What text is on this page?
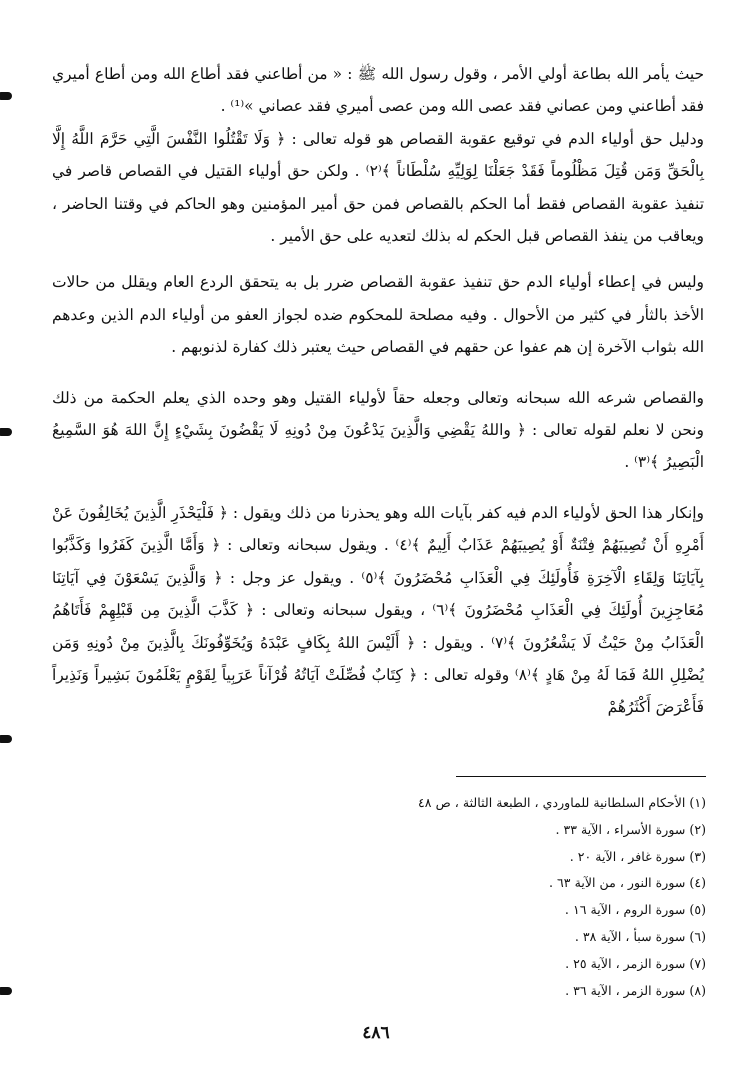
حيث يأمر الله بطاعة أولي الأمر ، وقول رسول الله ﷺ : « من أطاعني فقد أطاع الله ومن أطاع أميري فقد أطاعني ومن عصاني فقد عصى الله ومن عصى أميري فقد عصاني »⁽¹⁾ .

ودليل حق أولياء الدم في توقيع عقوبة القصاص هو قوله تعالى : ﴿ وَلَا تَقْتُلُوا النَّفْسَ الَّتِي حَرَّمَ اللَّهُ إِلَّا بِالْحَقِّ وَمَن قُتِلَ مَظْلُوماً فَقَدْ جَعَلْنَا لِوَلِيِّهِ سُلْطَاناً ﴾⁽٢⁾ . ولكن حق أولياء القتيل في القصاص قاصر في تنفيذ عقوبة القصاص فقط أما الحكم بالقصاص فمن حق أمير المؤمنين وهو الحاكم في وقتنا الحاضر ، ويعاقب من ينفذ القصاص قبل الحكم له بذلك لتعديه على حق الأمير .

وليس في إعطاء أولياء الدم حق تنفيذ عقوبة القصاص ضرر بل به يتحقق الردع العام ويقلل من حالات الأخذ بالثأر في كثير من الأحوال . وفيه مصلحة للمحكوم ضده لجواز العفو من أولياء الدم الذين وعدهم الله بثواب الآخرة إن هم عفوا عن حقهم في القصاص حيث يعتبر ذلك كفارة لذنوبهم .

والقصاص شرعه الله سبحانه وتعالى وجعله حقاً لأولياء القتيل وهو وحده الذي يعلم الحكمة من ذلك ونحن لا نعلم لقوله تعالى : ﴿ واللهُ يَقْضِي وَالَّذِينَ يَدْعُونَ مِنْ دُونِهِ لَا يَقْضُونَ بِشَيْءٍ إِنَّ اللهَ هُوَ السَّمِيعُ الْبَصِيرُ ﴾⁽٣⁾ .

وإنكار هذا الحق لأولياء الدم فيه كفر بآيات الله وهو يحذرنا من ذلك ويقول : ﴿ فَلْيَحْذَرِ الَّذِينَ يُخَالِفُونَ عَنْ أَمْرِهِ أَنْ تُصِيبَهُمْ فِتْنَةٌ أَوْ يُصِيبَهُمْ عَذَابٌ أَلِيمٌ ﴾⁽٤⁾ . ويقول سبحانه وتعالى : ﴿ وَأَمَّا الَّذِينَ كَفَرُوا وَكَذَّبُوا بِآيَاتِنَا وَلِقَاءِ الْآخِرَةِ فَأُولَئِكَ فِي الْعَذَابِ مُحْضَرُونَ ﴾⁽٥⁾ . ويقول عز وجل : ﴿ وَالَّذِينَ يَسْعَوْنَ فِي آيَاتِنَا مُعَاجِزِينَ أُولَئِكَ فِي الْعَذَابِ مُحْضَرُونَ ﴾⁽٦⁾ ، ويقول سبحانه وتعالى : ﴿ كَذَّبَ الَّذِينَ مِن قَبْلِهِمْ فَأَتَاهُمُ الْعَذَابُ مِنْ حَيْثُ لَا يَشْعُرُونَ ﴾⁽٧⁾ . ويقول : ﴿ أَلَيْسَ اللهُ بِكَافٍ عَبْدَهُ وَيُخَوِّفُونَكَ بِالَّذِينَ مِنْ دُونِهِ وَمَن يُضْلِلِ اللهُ فَمَا لَهُ مِنْ هَادٍ ﴾⁽٨⁾ وقوله تعالى : ﴿ كِتَابٌ فُصِّلَتْ آيَاتُهُ قُرْآناً عَرَبِياً لِقَوْمٍ يَعْلَمُونَ بَشِيراً وَنَذِيراً فَأَعْرَضَ أَكْثَرُهُمْ

(١) الأحكام السلطانية للماوردي ، الطبعة الثالثة ، ص ٤٨

(٢) سورة الأسراء ، الآية ٣٣ .

(٣) سورة غافر ، الآية ٢٠ .

(٤) سورة النور ، من الآية ٦٣ .

(٥) سورة الروم ، الآية ١٦ .

(٦) سورة سبأ ، الآية ٣٨ .

(٧) سورة الزمر ، الآية ٢٥ .

(٨) سورة الزمر ، الآية ٣٦ .

٤٨٦
